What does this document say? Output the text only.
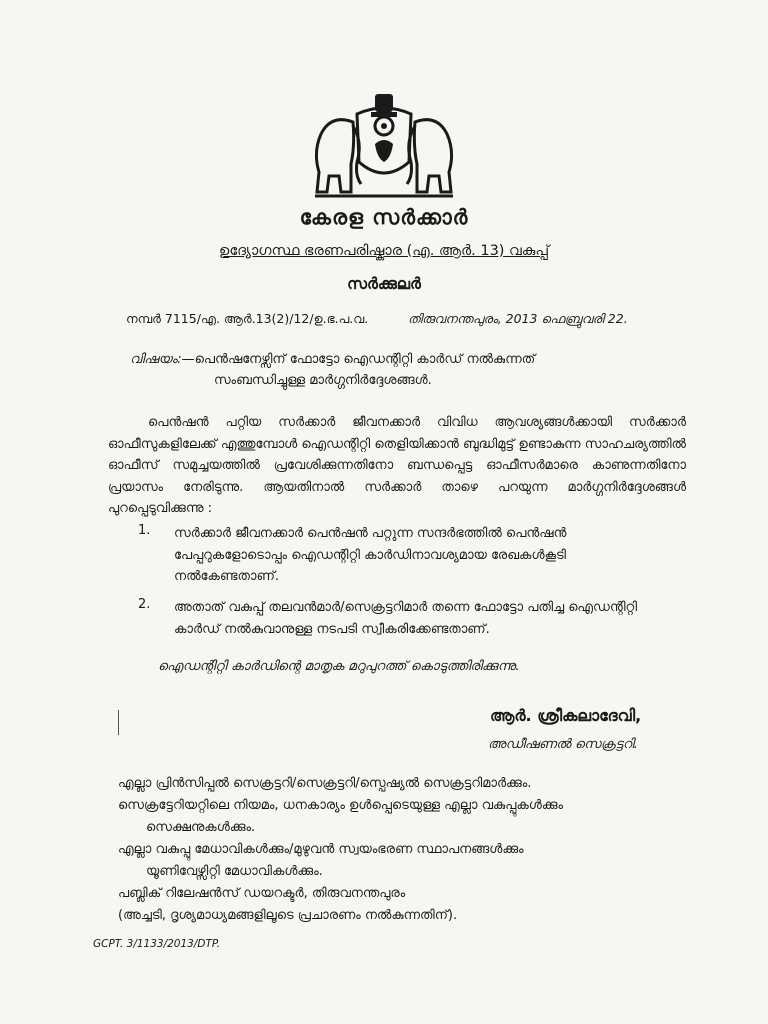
കേരള സർക്കാർ
ഉദ്യോഗസ്ഥ ഭരണപരിഷ്കാര (എ. ആർ. 13) വകുപ്പ്
സർക്കുലർ
നമ്പർ 7115/എ. ആർ.13(2)/12/ഉ.ഭ.പ.വ.	തിരുവനന്തപുരം, 2013 ഫെബ്രുവരി 22.
വിഷയം:—പെൻഷനേഴ്സിന് ഫോട്ടോ ഐഡന്റിറ്റി കാർഡ് നൽകുന്നത്
സംബന്ധിച്ചുള്ള മാർഗ്ഗനിർദ്ദേശങ്ങൾ.
പെൻഷൻ പറ്റിയ സർക്കാർ ജീവനക്കാർ വിവിധ ആവശ്യങ്ങൾക്കായി സർക്കാർ ഓഫീസുകളിലേക്ക് എത്തുമ്പോൾ ഐഡന്റിറ്റി തെളിയിക്കാൻ ബുദ്ധിമുട്ട് ഉണ്ടാകുന്ന സാഹചര്യത്തിൽ ഓഫീസ് സമുച്ചയത്തിൽ പ്രവേശിക്കുന്നതിനോ ബന്ധപ്പെട്ട ഓഫീസർമാരെ കാണുന്നതിനോ പ്രയാസം നേരിടുന്നു. ആയതിനാൽ സർക്കാർ താഴെ പറയുന്ന മാർഗ്ഗനിർദ്ദേശങ്ങൾ പുറപ്പെടുവിക്കുന്നു :
1. സർക്കാർ ജീവനക്കാർ പെൻഷൻ പറ്റുന്ന സന്ദർഭത്തിൽ പെൻഷൻ പേപ്പറുകളോടൊപ്പം ഐഡന്റിറ്റി കാർഡിനാവശ്യമായ രേഖകൾകൂടി നൽകേണ്ടതാണ്.
2. അതാത് വകുപ്പ് തലവൻമാർ/സെക്രട്ടറിമാർ തന്നെ ഫോട്ടോ പതിച്ച ഐഡന്റിറ്റി കാർഡ് നൽകുവാനുള്ള നടപടി സ്വീകരിക്കേണ്ടതാണ്.
ഐഡന്റിറ്റി കാർഡിന്റെ മാതൃക മറുപുറത്ത് കൊടുത്തിരിക്കുന്നു.
ആർ. ശ്രീകലാദേവി,
അഡീഷണൽ സെക്രട്ടറി.
എല്ലാ പ്രിൻസിപ്പൽ സെക്രട്ടറി/സെക്രട്ടറി/സ്പെഷ്യൽ സെക്രട്ടറിമാർക്കും.
സെക്രട്ടേറിയറ്റിലെ നിയമം, ധനകാര്യം ഉൾപ്പെടെയുള്ള എല്ലാ വകുപ്പുകൾക്കും
സെക്ഷനുകൾക്കും.
എല്ലാ വകുപ്പു മേധാവികൾക്കും/മുഴുവൻ സ്വയംഭരണ സ്ഥാപനങ്ങൾക്കും
യൂണിവേഴ്സിറ്റി മേധാവികൾക്കും.
പബ്ലിക് റിലേഷൻസ് ഡയറക്ടർ, തിരുവനന്തപുരം
(അച്ചടി, ദൃശ്യമാധ്യമങ്ങളിലൂടെ പ്രചാരണം നൽകുന്നതിന്).
GCPT. 3/1133/2013/DTP.
